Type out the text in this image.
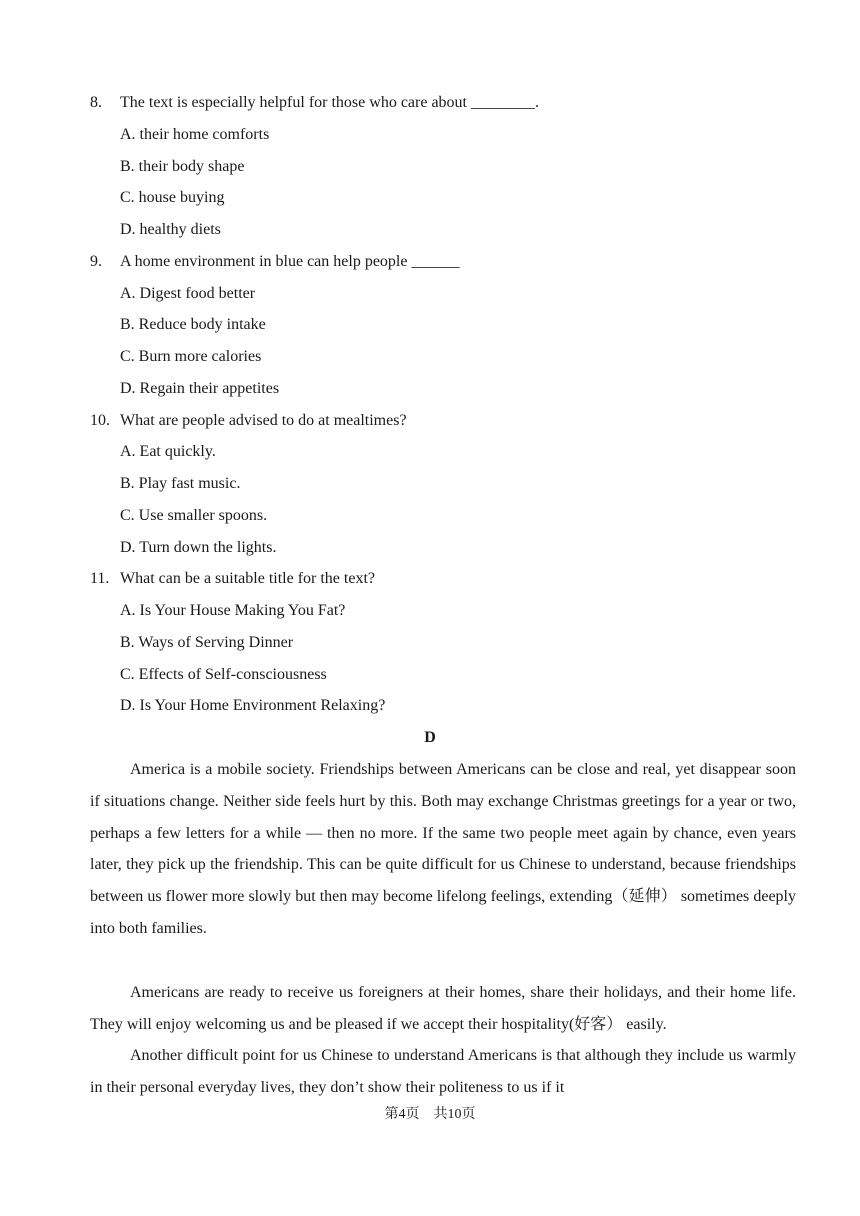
8. The text is especially helpful for those who care about ________.
A. their home comforts
B. their body shape
C. house buying
D. healthy diets
9. A home environment in blue can help people ______
A. Digest food better
B. Reduce body intake
C. Burn more calories
D. Regain their appetites
10. What are people advised to do at mealtimes?
A. Eat quickly.
B. Play fast music.
C. Use smaller spoons.
D. Turn down the lights.
11. What can be a suitable title for the text?
A. Is Your House Making You Fat?
B. Ways of Serving Dinner
C. Effects of Self-consciousness
D. Is Your Home Environment Relaxing?
D
America is a mobile society. Friendships between Americans can be close and real, yet disappear soon if situations change. Neither side feels hurt by this. Both may exchange Christmas greetings for a year or two, perhaps a few letters for a while — then no more. If the same two people meet again by chance, even years later, they pick up the friendship. This can be quite difficult for us Chinese to understand, because friendships between us flower more slowly but then may become lifelong feelings, extending（延伸） sometimes deeply into both families.
Americans are ready to receive us foreigners at their homes, share their holidays, and their home life. They will enjoy welcoming us and be pleased if we accept their hospitality(好客） easily.
Another difficult point for us Chinese to understand Americans is that although they include us warmly in their personal everyday lives, they don’t show their politeness to us if it
第4页　共10页
